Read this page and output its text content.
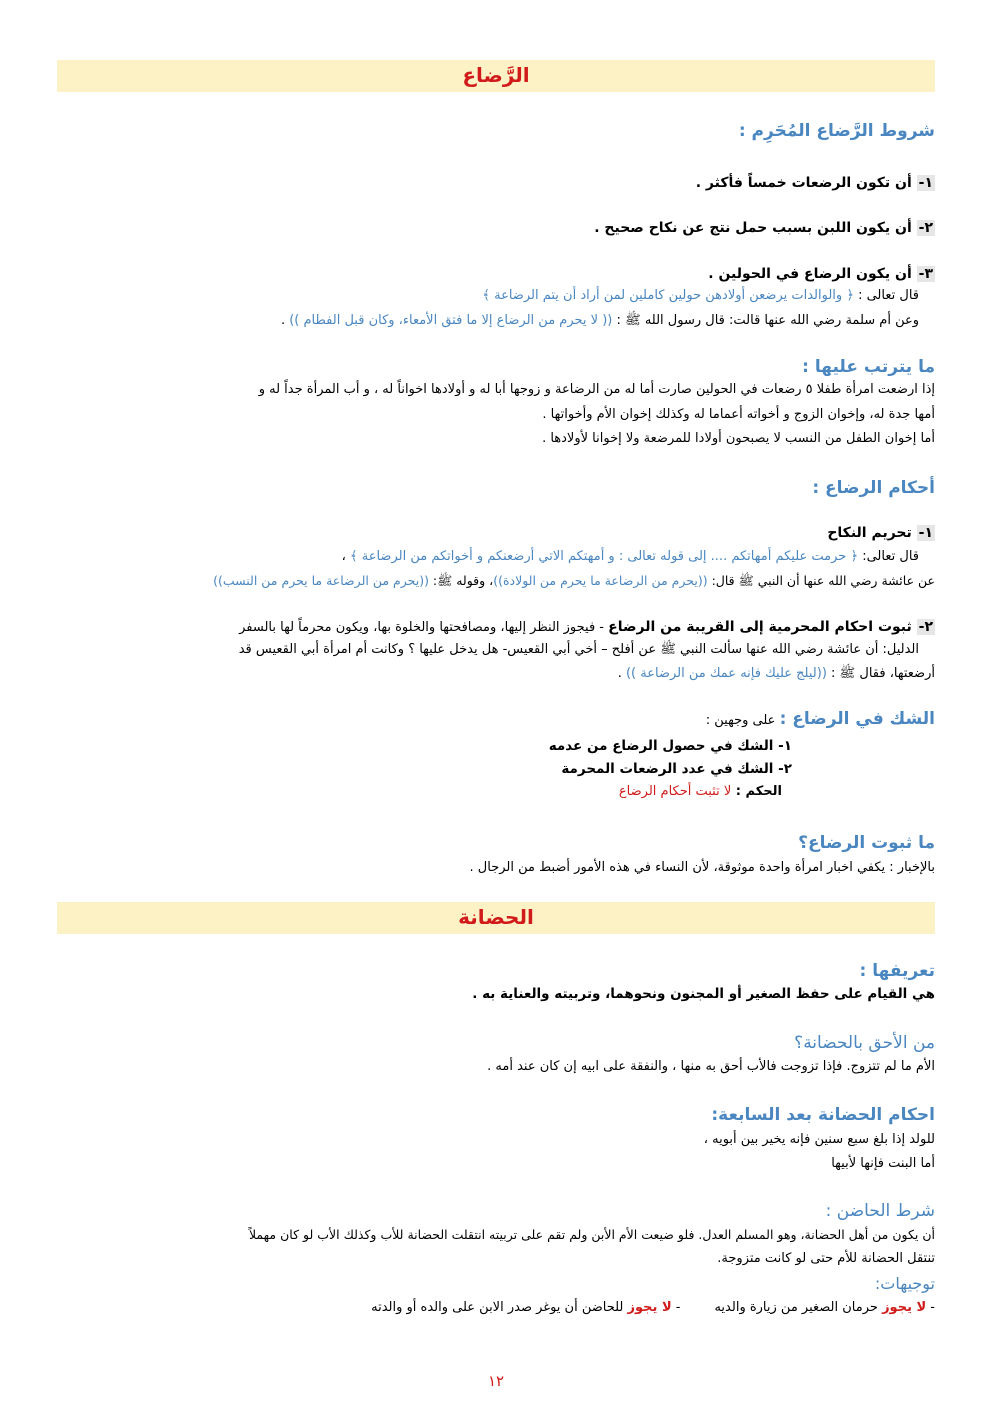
الرَّضاع
شروط الرَّضاع المُحَرِم :
١- أن تكون الرضعات خمساً فأكثر .
٢- أن يكون اللبن بسبب حمل نتج عن نكاح صحيح .
٣- أن يكون الرضاع في الحولين .
قال تعالى : ﴿ والوالدات يرضعن أولادهن حولين كاملين لمن أراد أن يتم الرضاعة ﴾
وعن أم سلمة رضي الله عنها قالت: قال رسول الله ﷺ : (( لا يحرم من الرضاع إلا ما فتق الأمعاء، وكان قبل الفطام )) .
ما يترتب عليها :
إذا ارضعت امرأة طفلا ٥ رضعات في الحولين صارت أما له من الرضاعة و زوجها أبا له و أولادها اخواناً له ، و أب المرأة جداً له و
أمها جدة له، وإخوان الزوج و أخواته أعماما له وكذلك إخوان الأم وأخواتها .
أما إخوان الطفل من النسب لا يصبحون أولادا للمرضعة ولا إخوانا لأولادها .
أحكام الرضاع :
١- تحريم النكاح
قال تعالى: ﴿ حرمت عليكم أمهاتكم .... إلى قوله تعالى : و أمهتكم الاتي أرضعنكم و أخواتكم من الرضاعة ﴾ ،
عن عائشة رضي الله عنها أن النبي ﷺ قال: ((يحرم من الرضاعة ما يحرم من الولادة))، وقوله ﷺ: ((يحرم من الرضاعة ما يحرم من النسب))
٢- ثبوت احكام المحرمية إلى القريبة من الرضاع - فيجوز النظر إليها، ومصافحتها والخلوة بها، ويكون محرماً لها بالسفر
الدليل: أن عائشة رضي الله عنها سألت النبي ﷺ عن أفلح – أخي أبي القعيس- هل يدخل عليها ؟ وكانت أم امرأة أبي القعيس قد
أرضعتها، فقال ﷺ : ((ليلج عليك فإنه عمك من الرضاعة )) .
الشك في الرضاع : على وجهين :
١- الشك في حصول الرضاع من عدمه
٢- الشك في عدد الرضعات المحرمة
الحكم : لا تثبت أحكام الرضاع
ما ثبوت الرضاع؟
بالإخبار : يكفي اخبار امرأة واحدة موثوقة، لأن النساء في هذه الأمور أضبط من الرجال .
الحضانة
تعريفها :
هي القيام على حفظ الصغير أو المجنون ونحوهما، وتربيته والعناية به .
من الأحق بالحضانة؟
الأم ما لم تتزوج. فإذا تزوجت فالأب أحق به منها ، والنفقة على ابيه إن كان عند أمه .
احكام الحضانة بعد السابعة:
للولد إذا بلغ سبع سنين فإنه يخير بين أبويه ،
أما البنت فإنها لأبيها
شرط الحاضن :
أن يكون من أهل الحضانة، وهو المسلم العدل. فلو ضيعت الأم الأبن ولم تقم على تربيته انتقلت الحضانة للأب وكذلك الأب لو كان مهملاً
تنتقل الحضانة للأم حتى لو كانت متزوجة.
توجيهات:
- لا يجوز حرمان الصغير من زيارة والديه- لا يجوز للحاضن أن يوغر صدر الابن على والده أو والدته
١٢
